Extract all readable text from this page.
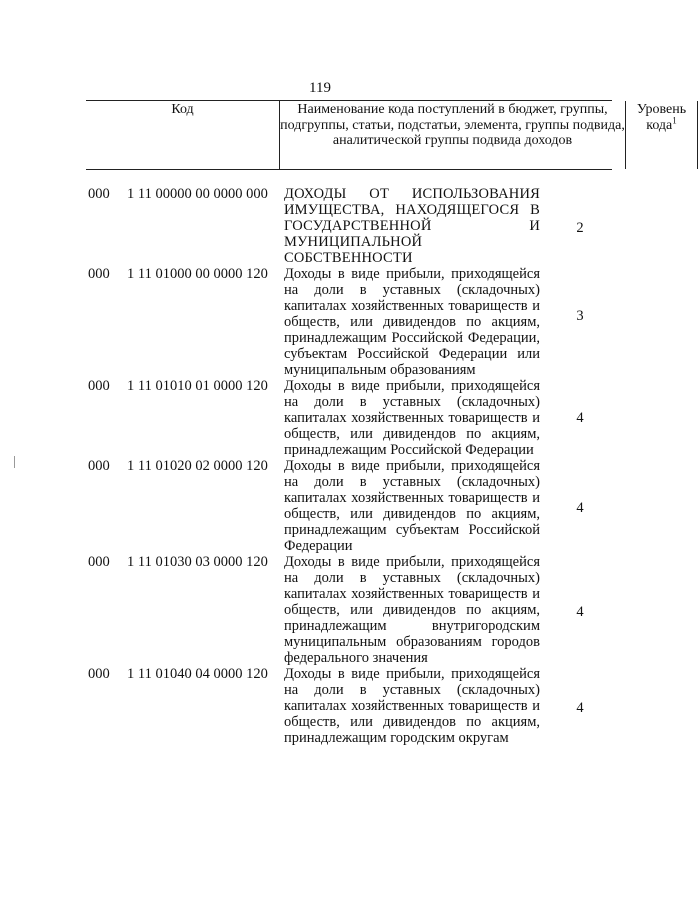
119
Код	Наименование кода поступлений в бюджет, группы, подгруппы, статьи, подстатьи, элемента, группы подвида, аналитической группы подвида доходов
Уровень кода$^1$
000 1 11 00000 00 0000 000 ДОХОДЫ ОТ ИСПОЛЬЗОВАНИЯ ИМУЩЕСТВА, НАХОДЯЩЕГОСЯ В ГОСУДАРСТВЕННОЙ И МУНИЦИПАЛЬНОЙ СОБСТВЕННОСТИ
2
000 1 11 01000 00 0000 120 Доходы в виде прибыли, приходящейся на доли в уставных (складочных) капиталах хозяйственных товариществ и обществ, или дивидендов по акциям, принадлежащим Российской Федерации, субъектам Российской Федерации или муниципальным образованиям
3
000 1 11 01010 01 0000 120 Доходы в виде прибыли, приходящейся на доли в уставных (складочных) капиталах хозяйственных товариществ и обществ, или дивидендов по акциям, принадлежащим Российской Федерации
4
000 1 11 01020 02 0000 120 Доходы в виде прибыли, приходящейся на доли в уставных (складочных) капиталах хозяйственных товариществ и обществ, или дивидендов по акциям, принадлежащим субъектам Российской Федерации
4
000 1 11 01030 03 0000 120 Доходы в виде прибыли, приходящейся на доли в уставных (складочных) капиталах хозяйственных товариществ и обществ, или дивидендов по акциям, принадлежащим внутригородским муниципальным образованиям городов федерального значения
4
000 1 11 01040 04 0000 120 Доходы в виде прибыли, приходящейся на доли в уставных (складочных) капиталах хозяйственных товариществ и обществ, или дивидендов по акциям, принадлежащим городским округам
4
